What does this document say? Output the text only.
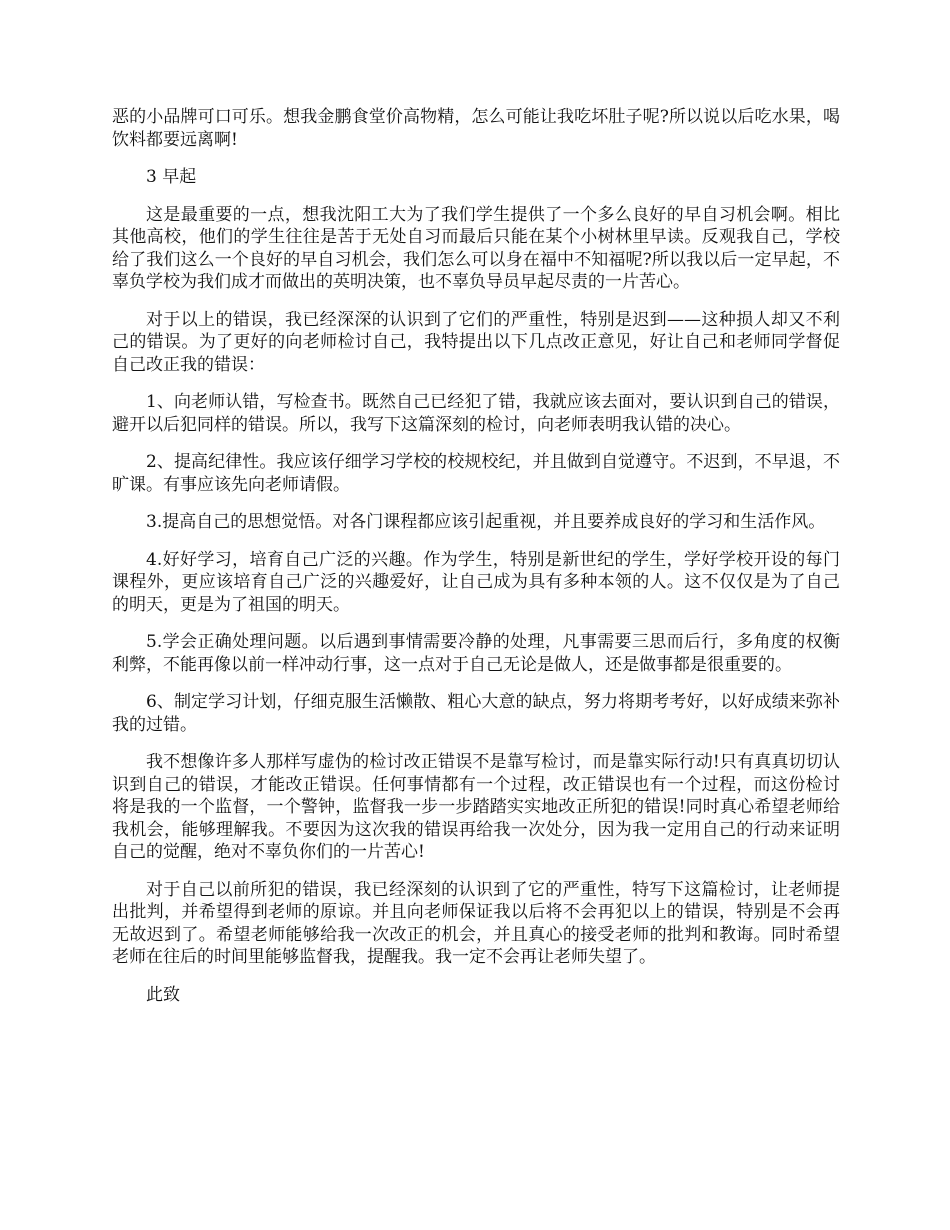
恶的小品牌可口可乐。想我金鹏食堂价高物精，怎么可能让我吃坏肚子呢?所以说以后吃水果，喝饮料都要远离啊!

3 早起

这是最重要的一点，想我沈阳工大为了我们学生提供了一个多么良好的早自习机会啊。相比其他高校，他们的学生往往是苦于无处自习而最后只能在某个小树林里早读。反观我自己，学校给了我们这么一个良好的早自习机会，我们怎么可以身在福中不知福呢?所以我以后一定早起，不辜负学校为我们成才而做出的英明决策，也不辜负导员早起尽责的一片苦心。

对于以上的错误，我已经深深的认识到了它们的严重性，特别是迟到——这种损人却又不利己的错误。为了更好的向老师检讨自己，我特提出以下几点改正意见，好让自己和老师同学督促自己改正我的错误：

1、向老师认错，写检查书。既然自己已经犯了错，我就应该去面对，要认识到自己的错误，避开以后犯同样的错误。所以，我写下这篇深刻的检讨，向老师表明我认错的决心。

2、提高纪律性。我应该仔细学习学校的校规校纪，并且做到自觉遵守。不迟到，不早退，不旷课。有事应该先向老师请假。

3.提高自己的思想觉悟。对各门课程都应该引起重视，并且要养成良好的学习和生活作风。

4.好好学习，培育自己广泛的兴趣。作为学生，特别是新世纪的学生，学好学校开设的每门课程外，更应该培育自己广泛的兴趣爱好，让自己成为具有多种本领的人。这不仅仅是为了自己的明天，更是为了祖国的明天。

5.学会正确处理问题。以后遇到事情需要冷静的处理，凡事需要三思而后行，多角度的权衡利弊，不能再像以前一样冲动行事，这一点对于自己无论是做人，还是做事都是很重要的。

6、制定学习计划，仔细克服生活懒散、粗心大意的缺点，努力将期考考好，以好成绩来弥补我的过错。

我不想像许多人那样写虚伪的检讨改正错误不是靠写检讨，而是靠实际行动!只有真真切切认识到自己的错误，才能改正错误。任何事情都有一个过程，改正错误也有一个过程，而这份检讨将是我的一个监督，一个警钟，监督我一步一步踏踏实实地改正所犯的错误!同时真心希望老师给我机会，能够理解我。不要因为这次我的错误再给我一次处分，因为我一定用自己的行动来证明自己的觉醒，绝对不辜负你们的一片苦心!

对于自己以前所犯的错误，我已经深刻的认识到了它的严重性，特写下这篇检讨，让老师提出批判，并希望得到老师的原谅。并且向老师保证我以后将不会再犯以上的错误，特别是不会再无故迟到了。希望老师能够给我一次改正的机会，并且真心的接受老师的批判和教诲。同时希望老师在往后的时间里能够监督我，提醒我。我一定不会再让老师失望了。

此致
